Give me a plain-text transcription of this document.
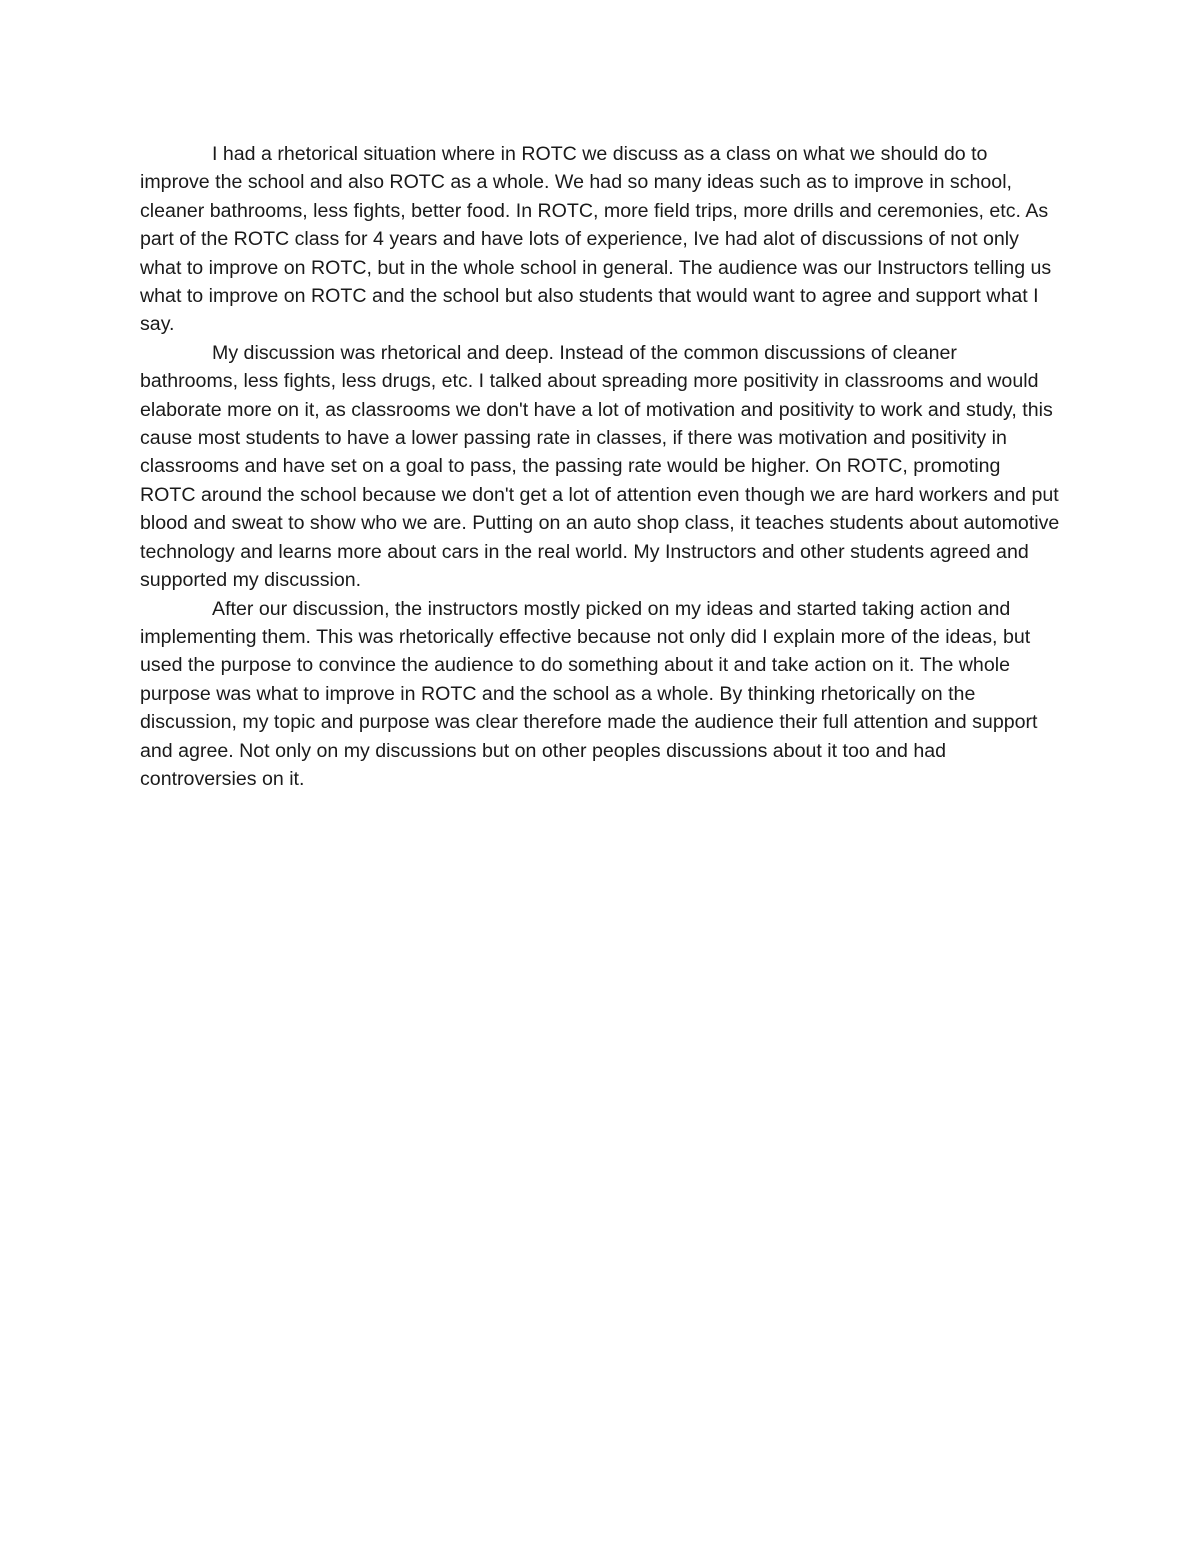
I had a rhetorical situation where in ROTC we discuss as a class on what we should do to improve the school and also ROTC as a whole. We had so many ideas such as to improve in school, cleaner bathrooms, less fights, better food. In ROTC, more field trips, more drills and ceremonies, etc. As part of the ROTC class for 4 years and have lots of experience, Ive had alot of discussions of not only what to improve on ROTC, but in the whole school in general. The audience was our Instructors telling us what to improve on ROTC and the school but also students that would want to agree and support what I say.

My discussion was rhetorical and deep. Instead of the common discussions of cleaner bathrooms, less fights, less drugs, etc. I talked about spreading more positivity in classrooms and would elaborate more on it, as classrooms we don't have a lot of motivation and positivity to work and study, this cause most students to have a lower passing rate in classes, if there was motivation and positivity in classrooms and have set on a goal to pass, the passing rate would be higher. On ROTC, promoting ROTC around the school because we don't get a lot of attention even though we are hard workers and put blood and sweat to show who we are. Putting on an auto shop class, it teaches students about automotive technology and learns more about cars in the real world. My Instructors and other students agreed and supported my discussion.

After our discussion, the instructors mostly picked on my ideas and started taking action and implementing them. This was rhetorically effective because not only did I explain more of the ideas, but used the purpose to convince the audience to do something about it and take action on it. The whole purpose was what to improve in ROTC and the school as a whole. By thinking rhetorically on the discussion, my topic and purpose was clear therefore made the audience their full attention and support and agree. Not only on my discussions but on other peoples discussions about it too and had controversies on it.
